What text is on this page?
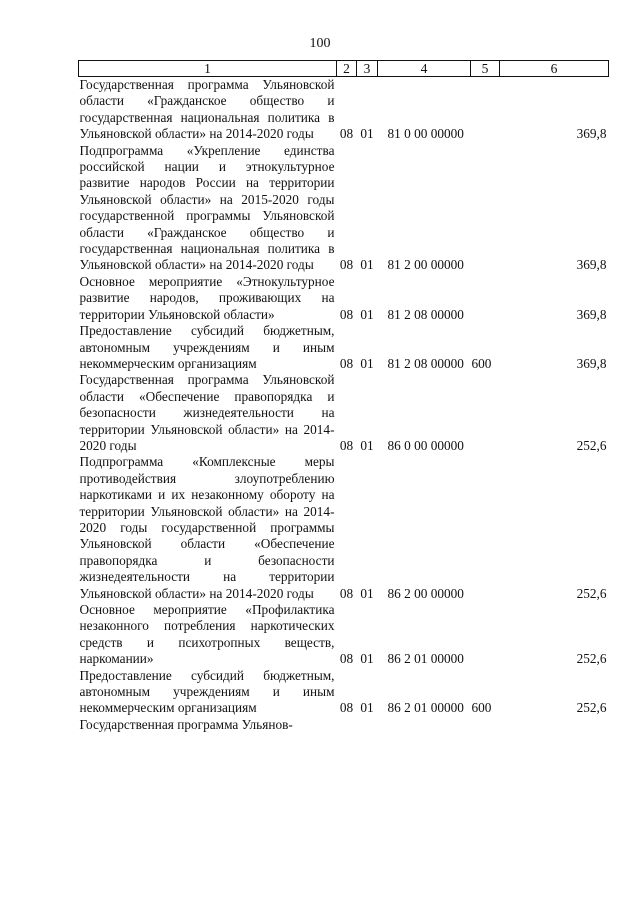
100
1	2	3	4	5	6
Государственная программа Ульяновской области «Гражданское общество и государственная национальная политика в Ульяновской области» на 2014-2020 годы	08	01	81 0 00 00000		369,8
Подпрограмма «Укрепление единства российской нации и этнокультурное развитие народов России на территории Ульяновской области» на 2015-2020 годы государственной программы Ульяновской области «Гражданское общество и государственная национальная политика в Ульяновской области» на 2014-2020 годы	08	01	81 2 00 00000		369,8
Основное мероприятие «Этнокультурное развитие народов, проживающих на территории Ульяновской области»	08	01	81 2 08 00000		369,8
Предоставление субсидий бюджетным, автономным учреждениям и иным некоммерческим организациям	08	01	81 2 08 00000	600	369,8
Государственная программа Ульяновской области «Обеспечение правопорядка и безопасности жизнедеятельности на территории Ульяновской области» на 2014-2020 годы	08	01	86 0 00 00000		252,6
Подпрограмма «Комплексные меры противодействия злоупотреблению наркотиками и их незаконному обороту на территории Ульяновской области» на 2014-2020 годы государственной программы Ульяновской области «Обеспечение правопорядка и безопасности жизнедеятельности на территории Ульяновской области» на 2014-2020 годы	08	01	86 2 00 00000		252,6
Основное мероприятие «Профилактика незаконного потребления наркотических средств и психотропных веществ, наркомании»	08	01	86 2 01 00000		252,6
Предоставление субсидий бюджетным, автономным учреждениям и иным некоммерческим организациям	08	01	86 2 01 00000	600	252,6
Государственная программа Ульянов-					
